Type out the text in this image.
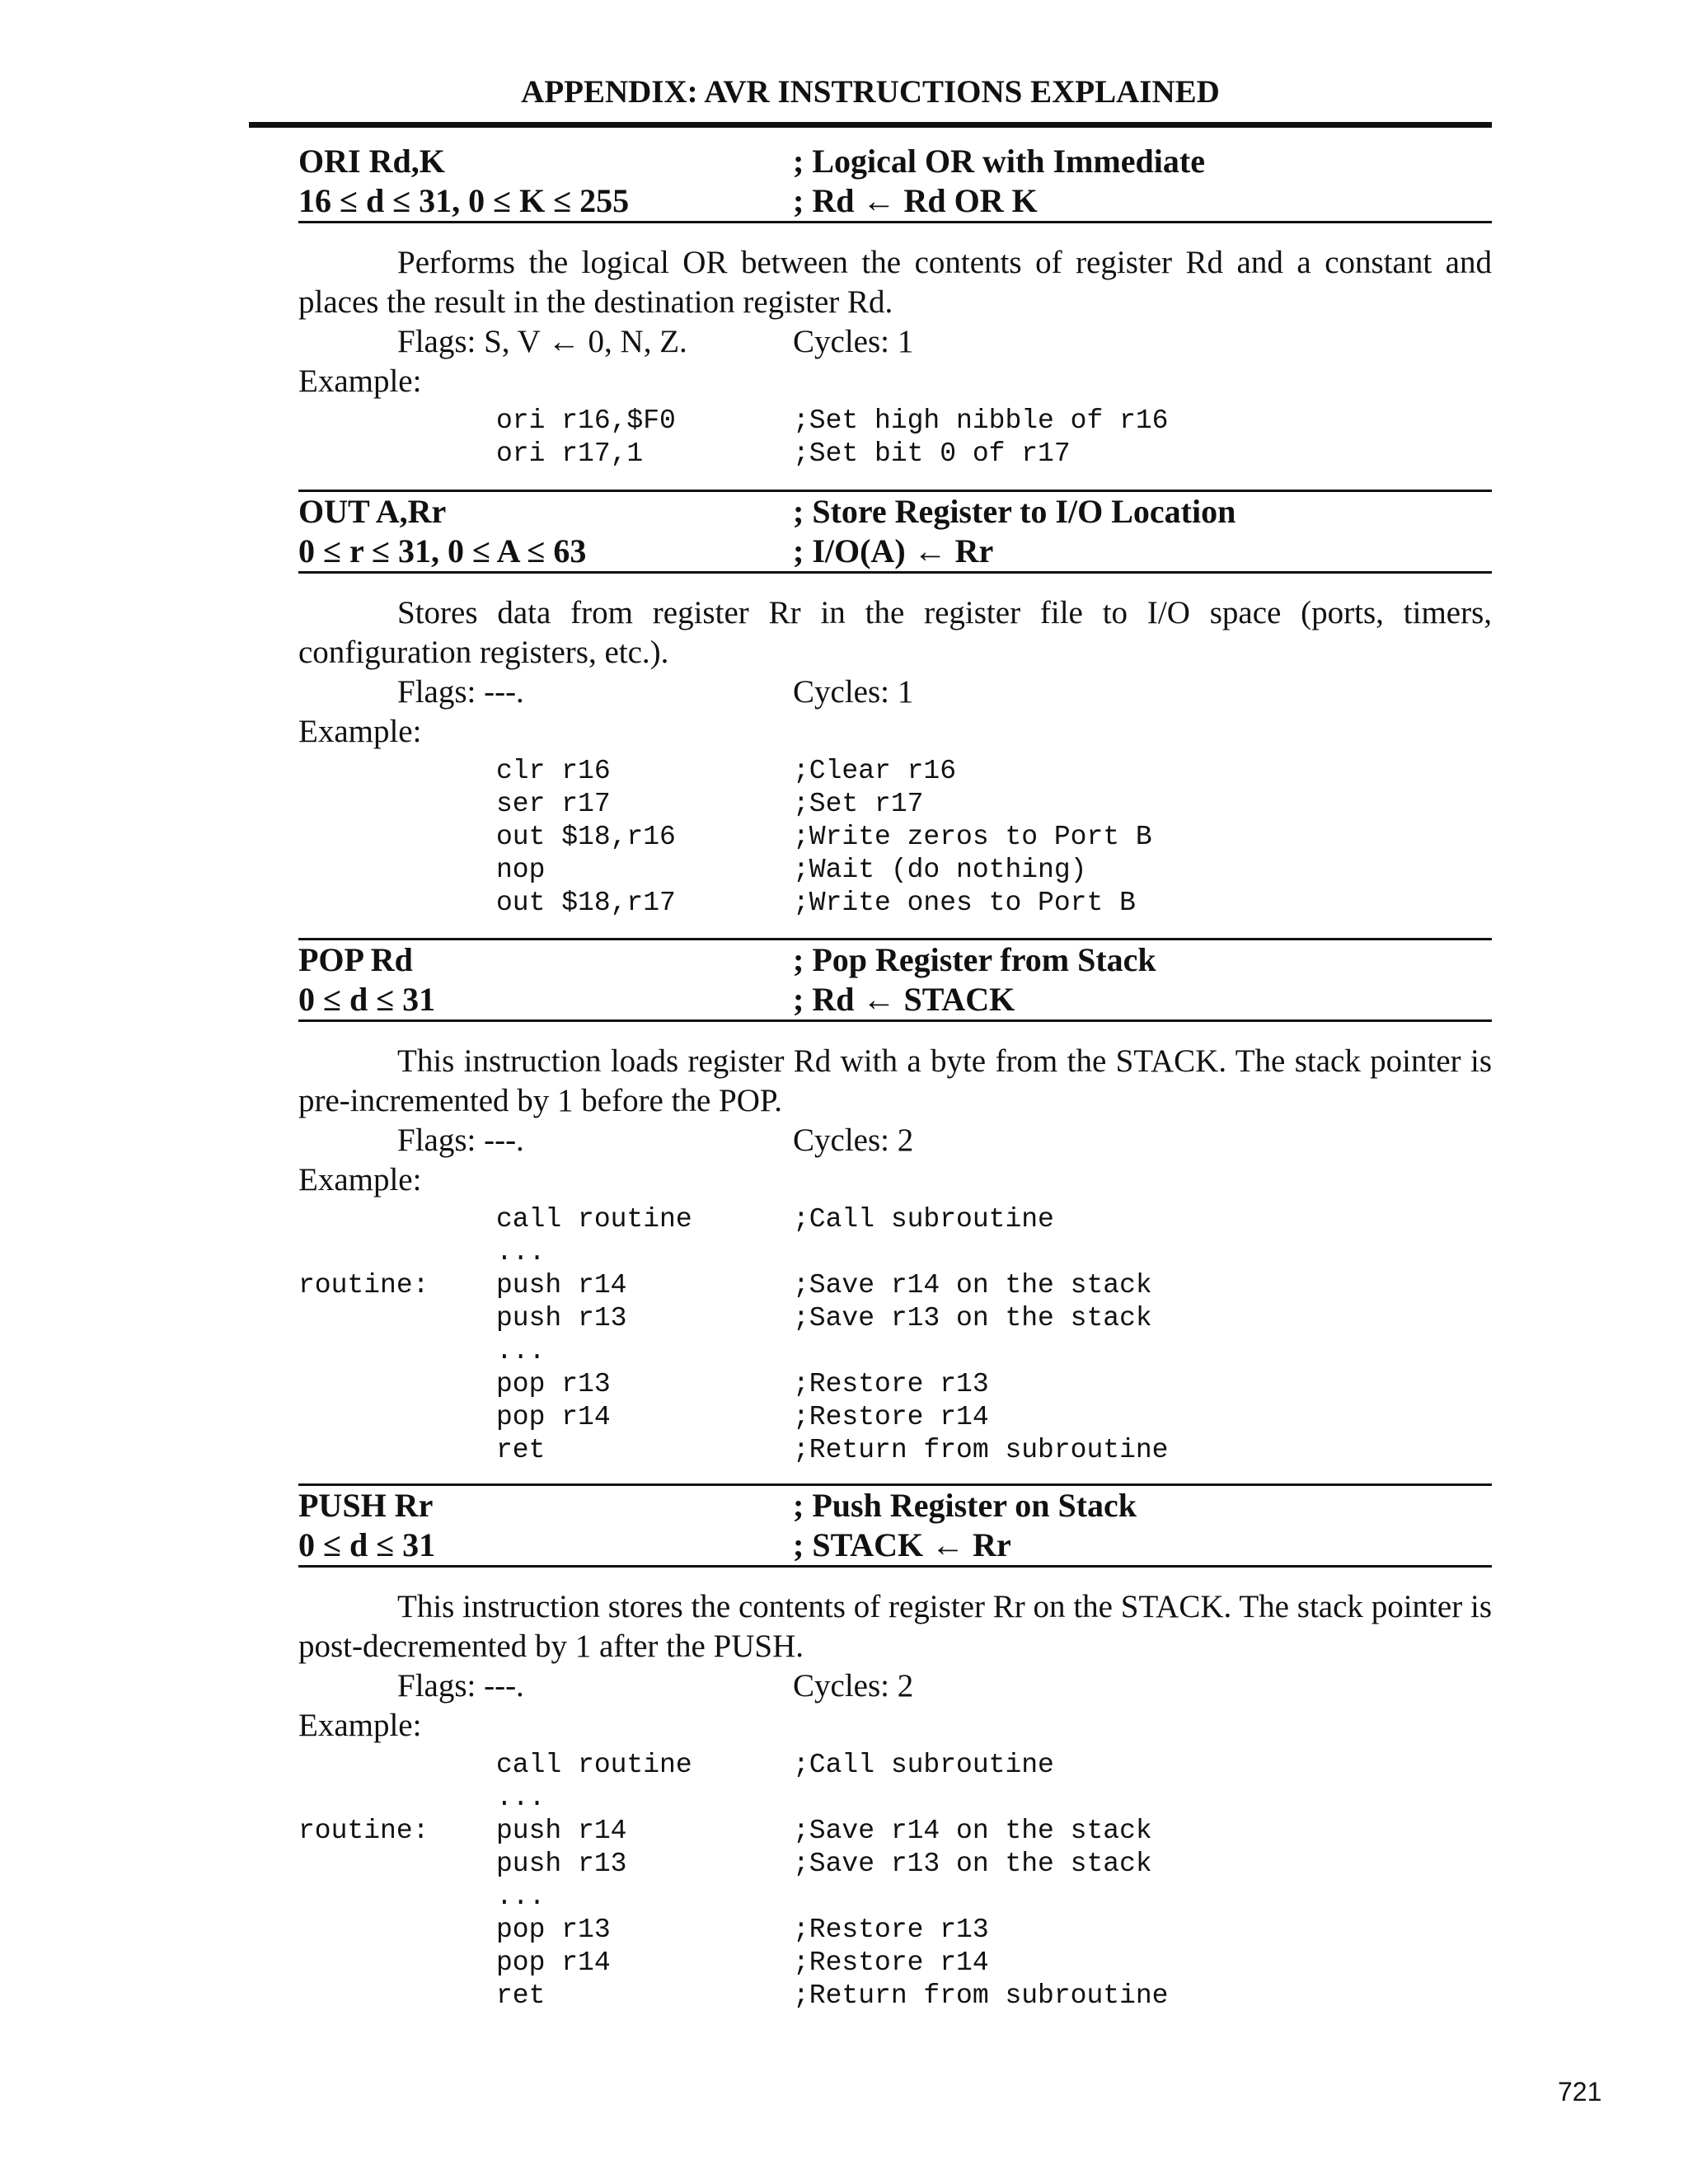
APPENDIX: AVR INSTRUCTIONS EXPLAINED
ORI Rd,K	; Logical OR with Immediate
16 ≤ d ≤ 31, 0 ≤ K ≤ 255	; Rd ← Rd OR K

Performs the logical OR between the contents of register Rd and a constant and places the result in the destination register Rd.

Flags: S, V ← 0, N, Z.	Cycles: 1
Example:
ori r16,$F0	;Set high nibble of r16
ori r17,1	;Set bit 0 of r17
OUT A,Rr	; Store Register to I/O Location
0 ≤ r ≤ 31, 0 ≤ A ≤ 63	; I/O(A) ← Rr

Stores data from register Rr in the register file to I/O space (ports, timers, configuration registers, etc.).

Flags: ---.	Cycles: 1
Example:
clr r16	;Clear r16
ser r17	;Set r17
out $18,r16	;Write zeros to Port B
nop	;Wait (do nothing)
out $18,r17	;Write ones to Port B
POP Rd	; Pop Register from Stack
0 ≤ d ≤ 31	; Rd ← STACK

This instruction loads register Rd with a byte from the STACK. The stack pointer is pre-incremented by 1 before the POP.

Flags: ---.	Cycles: 2
Example:
call routine	;Call subroutine
...
routine:	push r14	;Save r14 on the stack
push r13	;Save r13 on the stack
...
pop r13	;Restore r13
pop r14	;Restore r14
ret	;Return from subroutine
PUSH Rr	; Push Register on Stack
0 ≤ d ≤ 31	; STACK ← Rr

This instruction stores the contents of register Rr on the STACK. The stack pointer is post-decremented by 1 after the PUSH.

Flags: ---.	Cycles: 2
Example:
call routine	;Call subroutine
...
routine:	push r14	;Save r14 on the stack
push r13	;Save r13 on the stack
...
pop r13	;Restore r13
pop r14	;Restore r14
ret	;Return from subroutine
721
